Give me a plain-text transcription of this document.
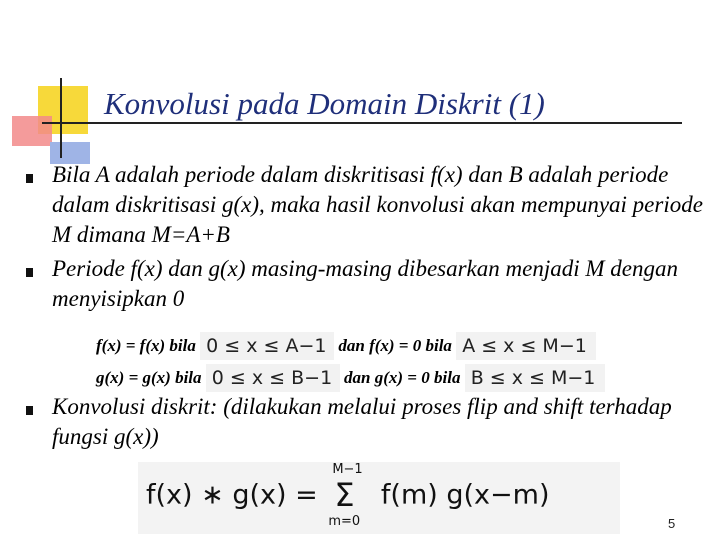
Konvolusi pada Domain Diskrit (1)
Bila A adalah periode dalam diskritisasi f(x) dan B adalah periode dalam diskritisasi g(x), maka hasil konvolusi akan mempunyai periode M dimana M=A+B
Periode f(x) dan g(x) masing-masing dibesarkan menjadi M dengan menyisipkan 0
f(x) = f(x) bila 0 ≤ x ≤ A−1 dan f(x) = 0 bila A ≤ x ≤ M−1
g(x) = g(x) bila 0 ≤ x ≤ B−1 dan g(x) = 0 bila B ≤ x ≤ M−1
Konvolusi diskrit: (dilakukan melalui proses flip and shift terhadap fungsi g(x))
f(x) ∗ g(x) =
M−1
Σ
m=0
f(m) g(x−m)
5
